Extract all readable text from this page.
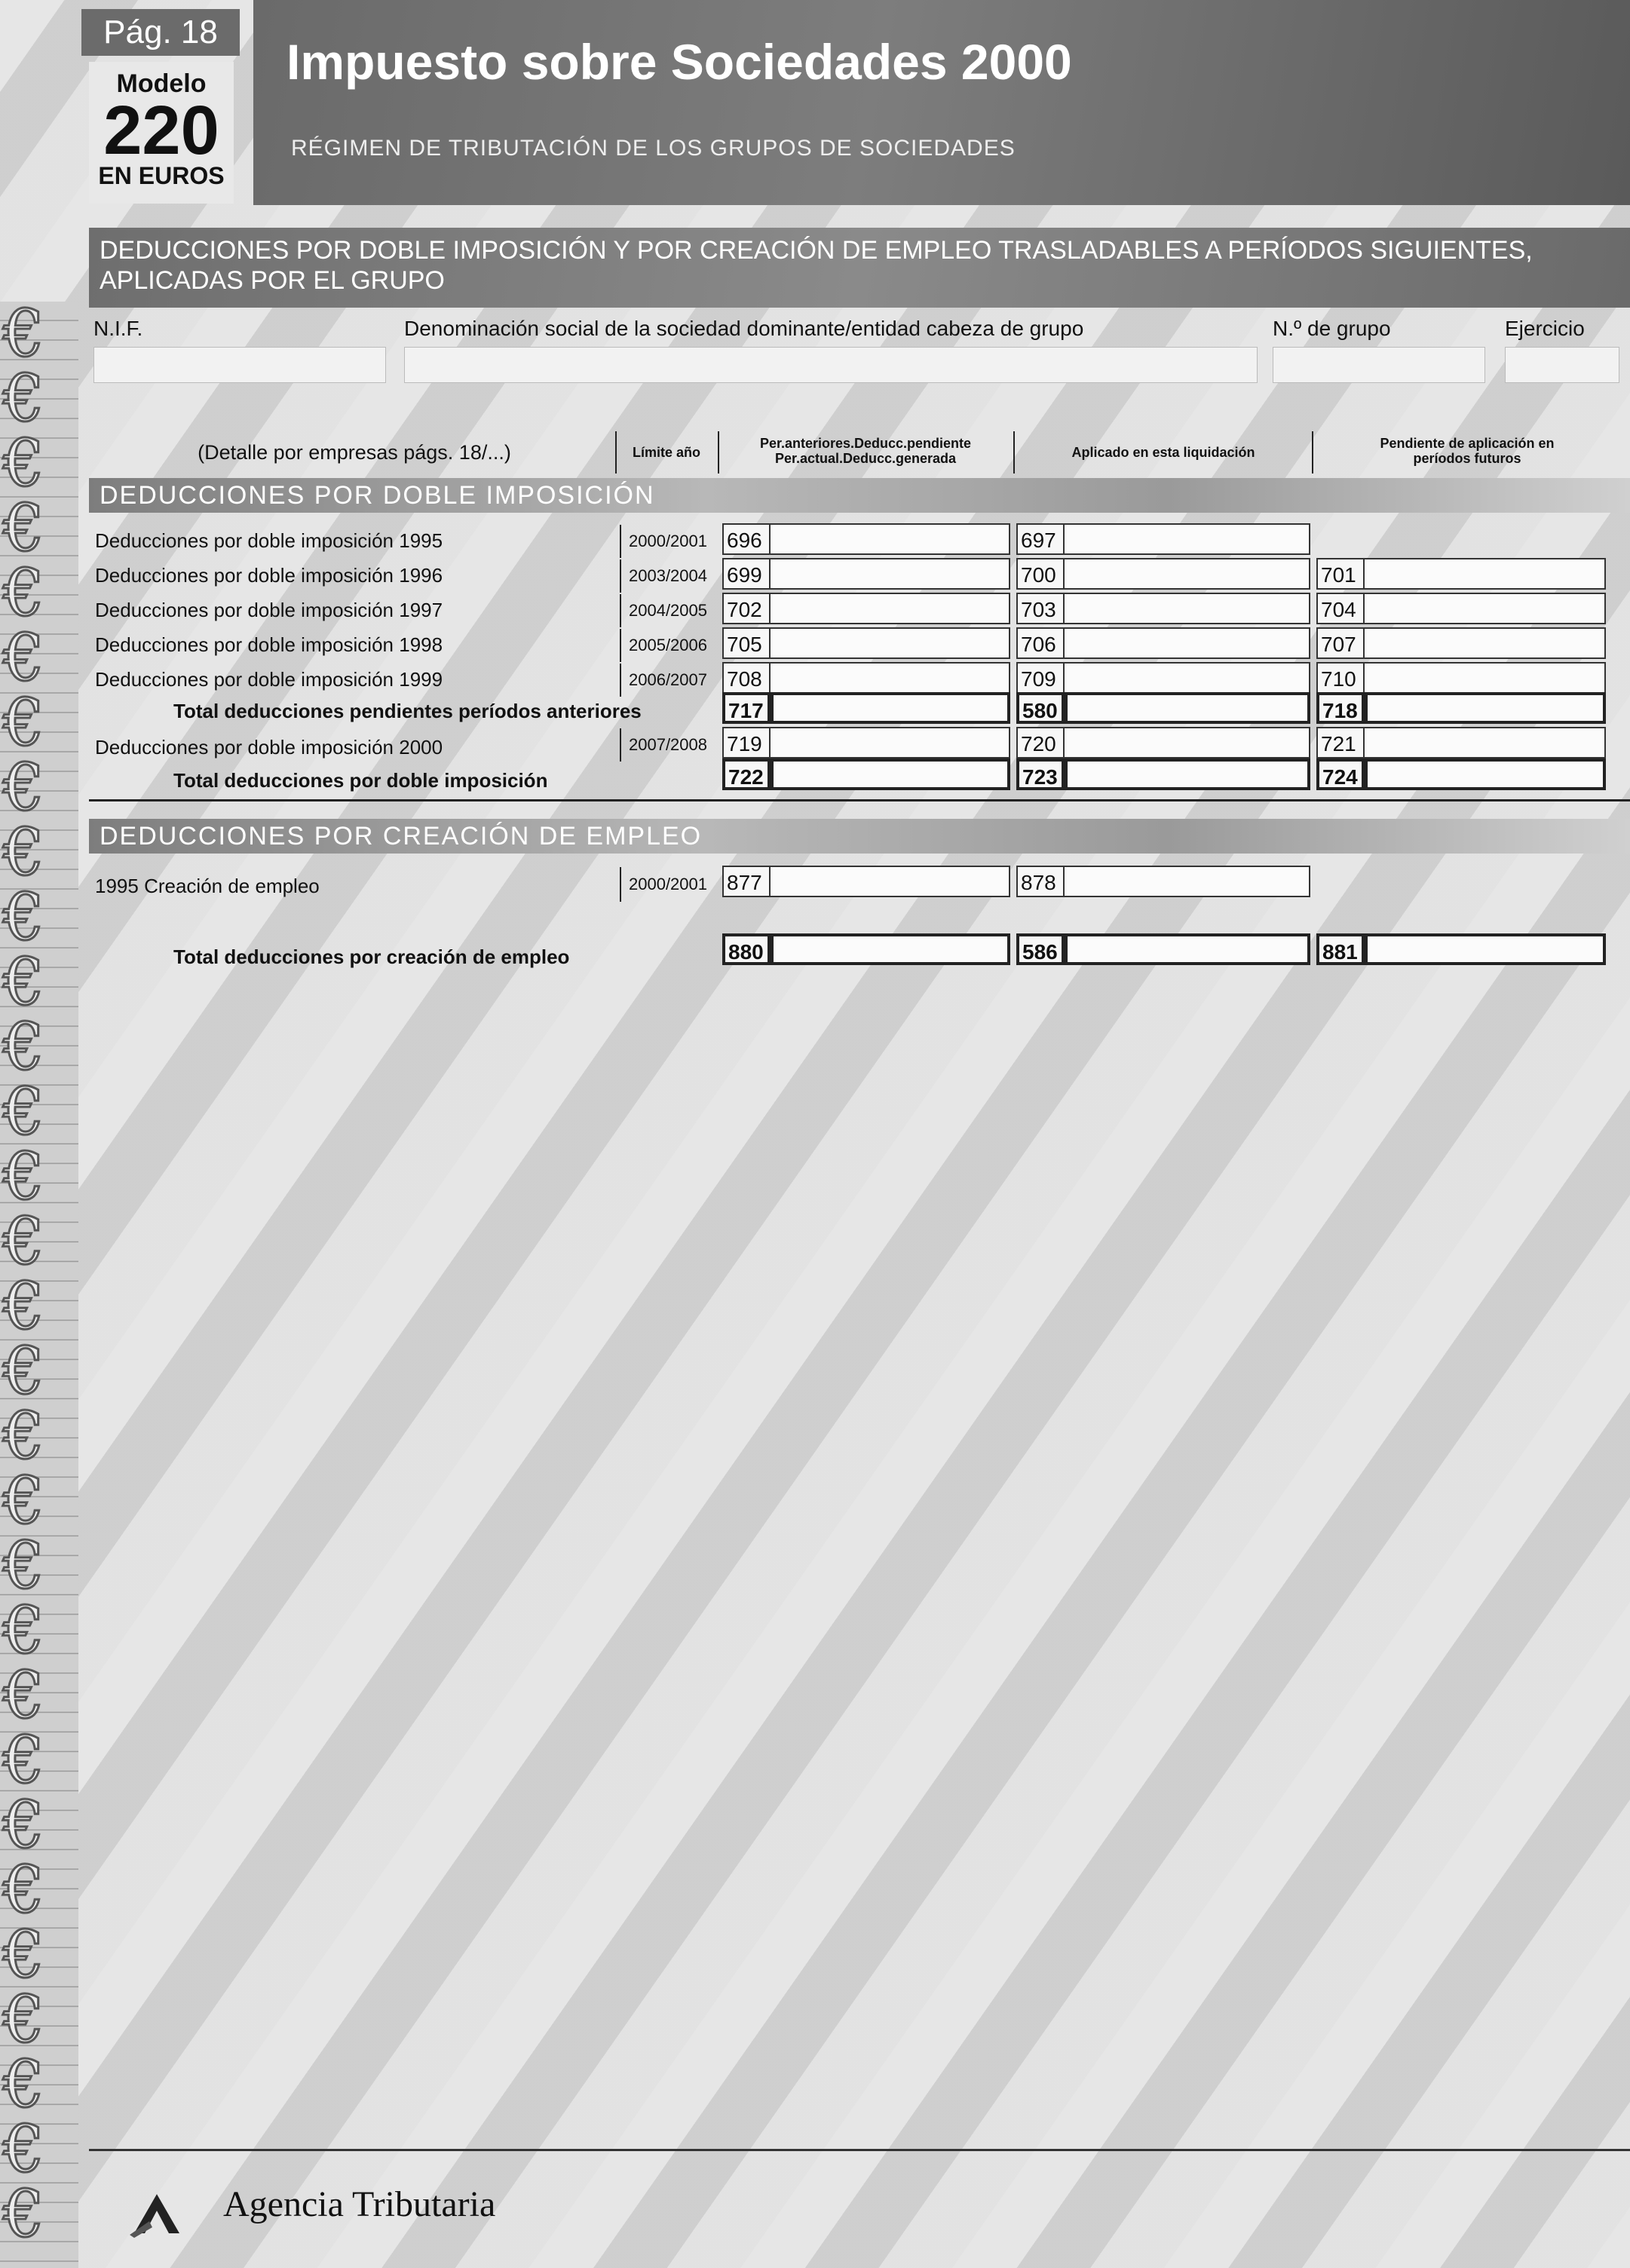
€
€
€
€
€
€
€
€
€
€
€
€
€
€
€
€
€
€
€
€
€
€
€
€
€
€
€
€
€
€
Pág. 18
Modelo
220
EN EUROS
Impuesto sobre Sociedades 2000
RÉGIMEN DE TRIBUTACIÓN DE LOS GRUPOS DE SOCIEDADES
DEDUCCIONES POR DOBLE IMPOSICIÓN Y POR CREACIÓN DE EMPLEO TRASLADABLES A PERÍODOS SIGUIENTES, APLICADAS POR EL GRUPO
N.I.F.	Denominación social de la sociedad dominante/entidad cabeza de grupo	N.º de grupo	Ejercicio
(Detalle por empresas págs. 18/...)	Límite año
Per.anteriores.Deducc.pendiente
Per.actual.Deducc.generada	Aplicado en esta liquidación
Pendiente de aplicación en
períodos futuros
DEDUCCIONES POR DOBLE IMPOSICIÓN
Deducciones por doble imposición 1995	2000/2001 696	697
Deducciones por doble imposición 1996	2003/2004 699	700	701
Deducciones por doble imposición 1997	2004/2005 702	703	704
Deducciones por doble imposición 1998	2005/2006 705	706	707
Deducciones por doble imposición 1999	2006/2007 708	709	710
Total deducciones pendientes períodos anteriores	717	580	718
Deducciones por doble imposición 2000	2007/2008 719	720	721
Total deducciones por doble imposición	722	723	724
DEDUCCIONES POR CREACIÓN DE EMPLEO
1995 Creación de empleo	2000/2001 877	878
Total deducciones por creación de empleo	880	586	881
Agencia Tributaria
